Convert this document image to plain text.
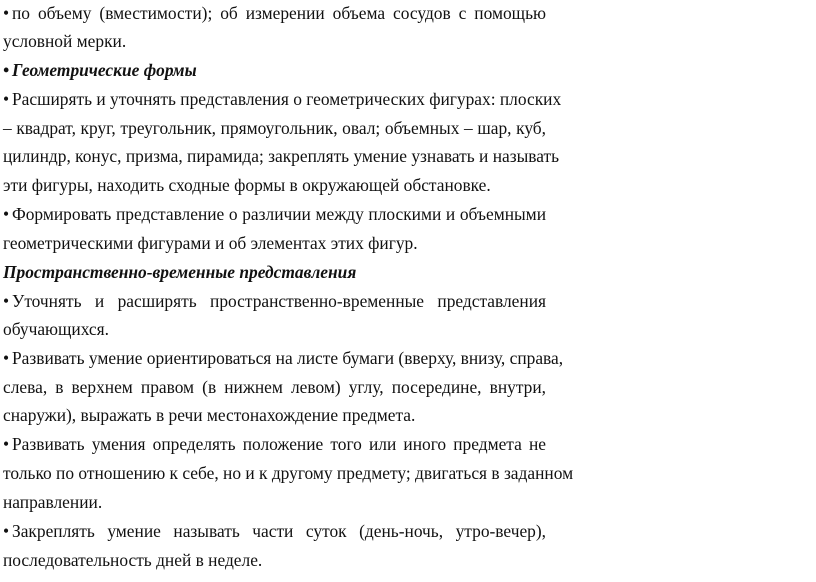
• по объему (вместимости); об измерении объема сосудов с помощью
условной мерки.
• Геометрические формы
• Расширять и уточнять представления о геометрических фигурах: плоских
– квадрат, круг, треугольник, прямоугольник, овал; объемных – шар, куб,
цилиндр, конус, призма, пирамида; закреплять умение узнавать и называть
эти фигуры, находить сходные формы в окружающей обстановке.
• Формировать представление о различии между плоскими и объемными
геометрическими фигурами и об элементах этих фигур.
Пространственно-временные представления
• Уточнять и расширять пространственно-временные представления
обучающихся.
• Развивать умение ориентироваться на листе бумаги (вверху, внизу, справа,
слева, в верхнем правом (в нижнем левом) углу, посередине, внутри,
снаружи), выражать в речи местонахождение предмета.
• Развивать умения определять положение того или иного предмета не
только по отношению к себе, но и к другому предмету; двигаться в заданном
направлении.
• Закреплять умение называть части суток (день-ночь, утро-вечер),
последовательность дней в неделе.
